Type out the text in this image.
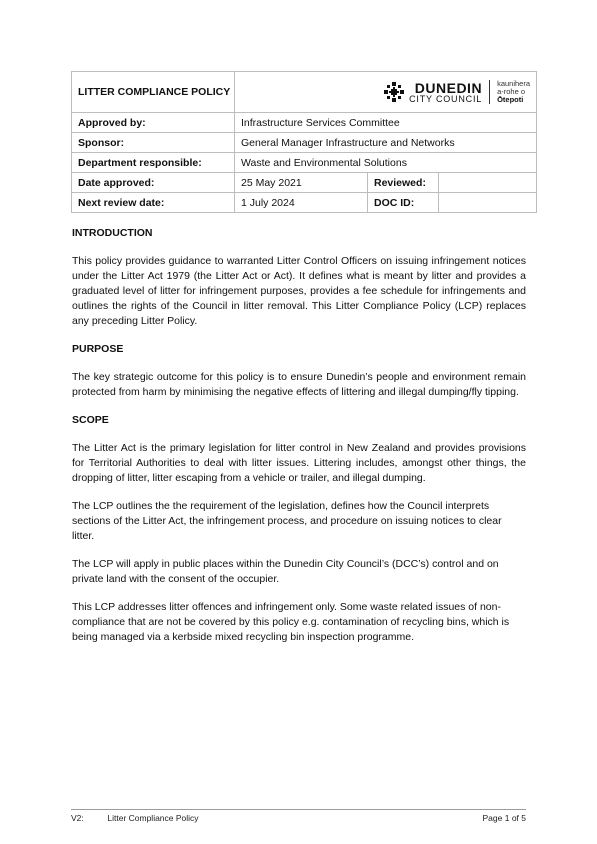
LITTER COMPLIANCE POLICY	DUNEDIN
CITY COUNCIL
kaunihera
a-rohe o
Ōtepoti		

Approved by:	Infrastructure Services Committee		
Sponsor:	General Manager Infrastructure and Networks		
Department responsible:	Waste and Environmental Solutions		
Date approved:	25 May 2021	Reviewed:	
Next review date:	1 July 2024	DOC ID:	
INTRODUCTION

This policy provides guidance to warranted Litter Control Officers on issuing infringement notices under the Litter Act 1979 (the Litter Act or Act). It defines what is meant by litter and provides a graduated level of litter for infringement purposes, provides a fee schedule for infringements and outlines the rights of the Council in litter removal. This Litter Compliance Policy (LCP) replaces any preceding Litter Policy.

PURPOSE

The key strategic outcome for this policy is to ensure Dunedin’s people and environment remain protected from harm by minimising the negative effects of littering and illegal dumping/fly tipping.

SCOPE

The Litter Act is the primary legislation for litter control in New Zealand and provides provisions for Territorial Authorities to deal with litter issues. Littering includes, amongst other things, the dropping of litter, litter escaping from a vehicle or trailer, and illegal dumping.

The LCP outlines the the requirement of the legislation, defines how the Council interprets sections of the Litter Act, the infringement process, and procedure on issuing notices to clear litter.

The LCP will apply in public places within the Dunedin City Council’s (DCC’s) control and on private land with the consent of the occupier.

This LCP addresses litter offences and infringement only. Some waste related issues of non-compliance that are not be covered by this policy e.g. contamination of recycling bins, which is being managed via a kerbside mixed recycling bin inspection programme.

V2:	Litter Compliance Policy	Page 1 of 5
